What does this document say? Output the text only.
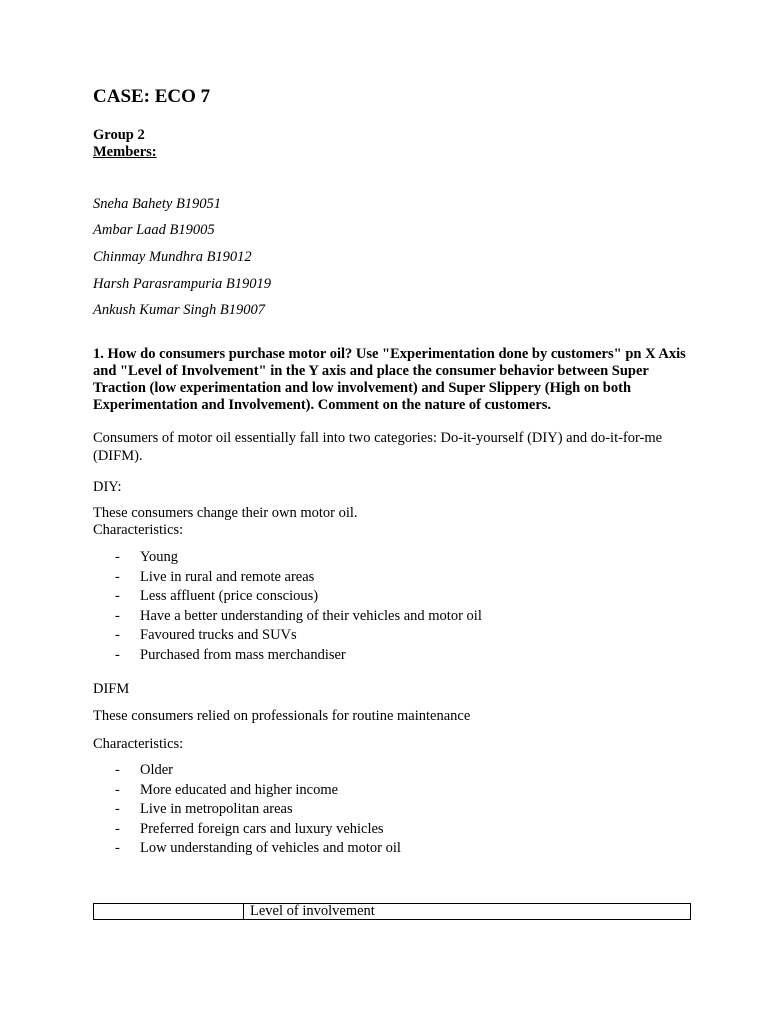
CASE: ECO 7
Group 2
Members:
Sneha Bahety B19051
Ambar Laad B19005
Chinmay Mundhra B19012
Harsh Parasrampuria B19019
Ankush Kumar Singh B19007
1. How do consumers purchase motor oil? Use "Experimentation done by customers" pn X Axis and "Level of Involvement" in the Y axis and place the consumer behavior between Super Traction (low experimentation and low involvement) and Super Slippery (High on both Experimentation and Involvement). Comment on the nature of customers.
Consumers of motor oil essentially fall into two categories: Do-it-yourself (DIY) and do-it-for-me (DIFM).
DIY:
These consumers change their own motor oil.
Characteristics:
- Young
- Live in rural and remote areas
- Less affluent (price conscious)
- Have a better understanding of their vehicles and motor oil
- Favoured trucks and SUVs
- Purchased from mass merchandiser
DIFM
These consumers relied on professionals for routine maintenance
Characteristics:
- Older
- More educated and higher income
- Live in metropolitan areas
- Preferred foreign cars and luxury vehicles
- Low understanding of vehicles and motor oil
	Level of involvement
